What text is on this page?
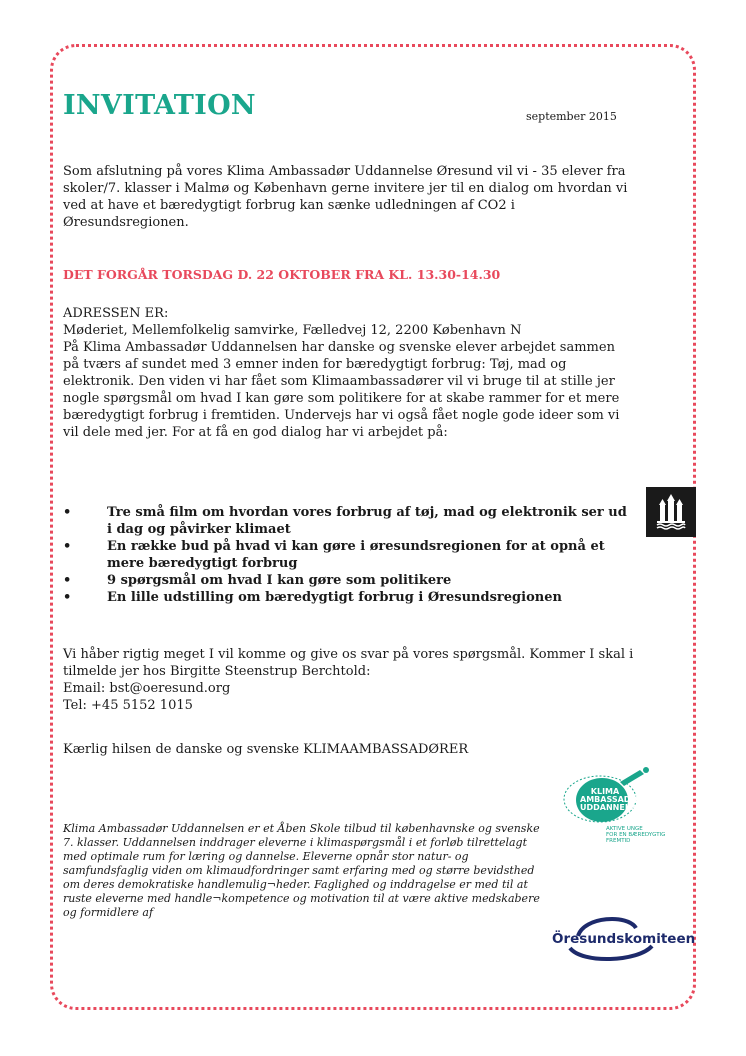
INVITATION	september 2015
Som afslutning på vores Klima Ambassadør Uddannelse Øresund vil vi - 35 elever fra skoler/7. klasser i Malmø og København gerne invitere jer til en dialog om hvordan vi ved at have et bæredygtigt forbrug kan sænke udledningen af CO2 i Øresundsregionen.
DET FORGÅR TORSDAG D. 22 OKTOBER FRA KL. 13.30-14.30
ADRESSEN ER:
Møderiet, Mellemfolkelig samvirke, Fælledvej 12, 2200 København N
På Klima Ambassadør Uddannelsen har danske og svenske elever arbejdet sammen på tværs af sundet med 3 emner inden for bæredygtigt forbrug: Tøj, mad og elektronik. Den viden vi har fået som Klimaambassadører vil vi bruge til at stille jer nogle spørgsmål om hvad I kan gøre som politikere for at skabe rammer for et mere bæredygtigt forbrug i fremtiden. Undervejs har vi også fået nogle gode ideer som vi vil dele med jer. For at få en god dialog har vi arbejdet på:
•	Tre små film om hvordan vores forbrug af tøj, mad og elektronik ser ud i dag og påvirker klimaet
•	En række bud på hvad vi kan gøre i øresundsregionen for at opnå et mere bæredygtigt forbrug
•	9 spørgsmål om hvad I kan gøre som politikere
•	En lille udstilling om bæredygtigt forbrug i Øresundsregionen
Vi håber rigtig meget I vil komme og give os svar på vores spørgsmål. Kommer I skal i tilmelde jer hos Birgitte Steenstrup Berchtold:
Email: bst@oeresund.org
Tel: +45 5152 1015
Kærlig hilsen de danske og svenske KLIMAAMBASSADØRER
Klima Ambassadør Uddannelsen er et Åben Skole tilbud til københavnske og svenske 7. klasser. Uddannelsen inddrager eleverne i klimaspørgsmål i et forløb tilrettelagt med optimale rum for læring og dannelse. Eleverne opnår stor natur- og samfundsfaglig viden om klimaudfordringer samt erfaring med og større bevidsthed om deres demokratiske handlemulig¬heder. Faglighed og inddragelse er med til at ruste eleverne med handle¬kompetence og motivation til at være aktive medskabere og formidlere af
KLIMA
AMBASSADØR
UDDANNELSEN
AKTIVE UNGE
FOR EN BÆREDYGTIG
FREMTID
Öresundskomiteen
